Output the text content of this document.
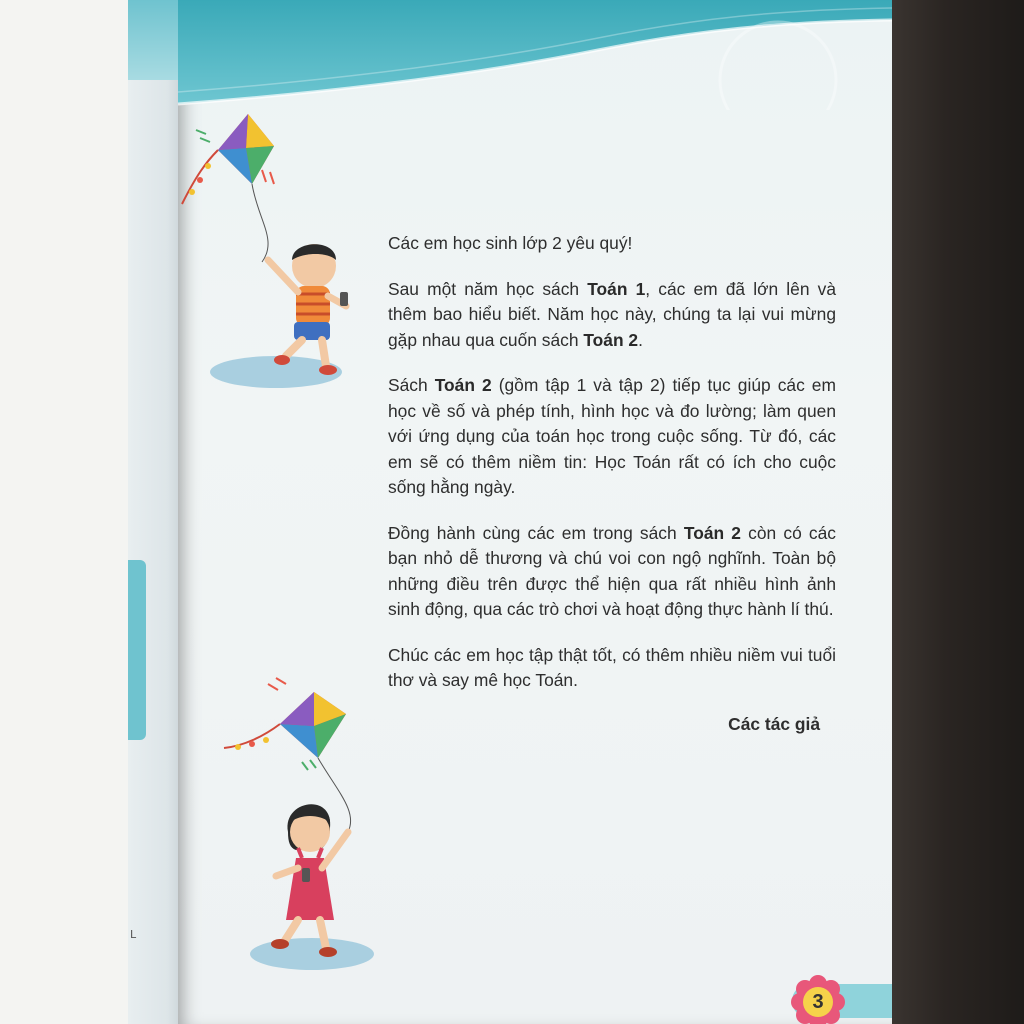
L

Các em học sinh lớp 2 yêu quý!

Sau một năm học sách Toán 1, các em đã lớn lên và thêm bao hiểu biết. Năm học này, chúng ta lại vui mừng gặp nhau qua cuốn sách Toán 2.

Sách Toán 2 (gồm tập 1 và tập 2) tiếp tục giúp các em học về số và phép tính, hình học và đo lường; làm quen với ứng dụng của toán học trong cuộc sống. Từ đó, các em sẽ có thêm niềm tin: Học Toán rất có ích cho cuộc sống hằng ngày.

Đồng hành cùng các em trong sách Toán 2 còn có các bạn nhỏ dễ thương và chú voi con ngộ nghĩnh. Toàn bộ những điều trên được thể hiện qua rất nhiều hình ảnh sinh động, qua các trò chơi và hoạt động thực hành lí thú.

Chúc các em học tập thật tốt, có thêm nhiều niềm vui tuổi thơ và say mê học Toán.

Các tác giả
3
